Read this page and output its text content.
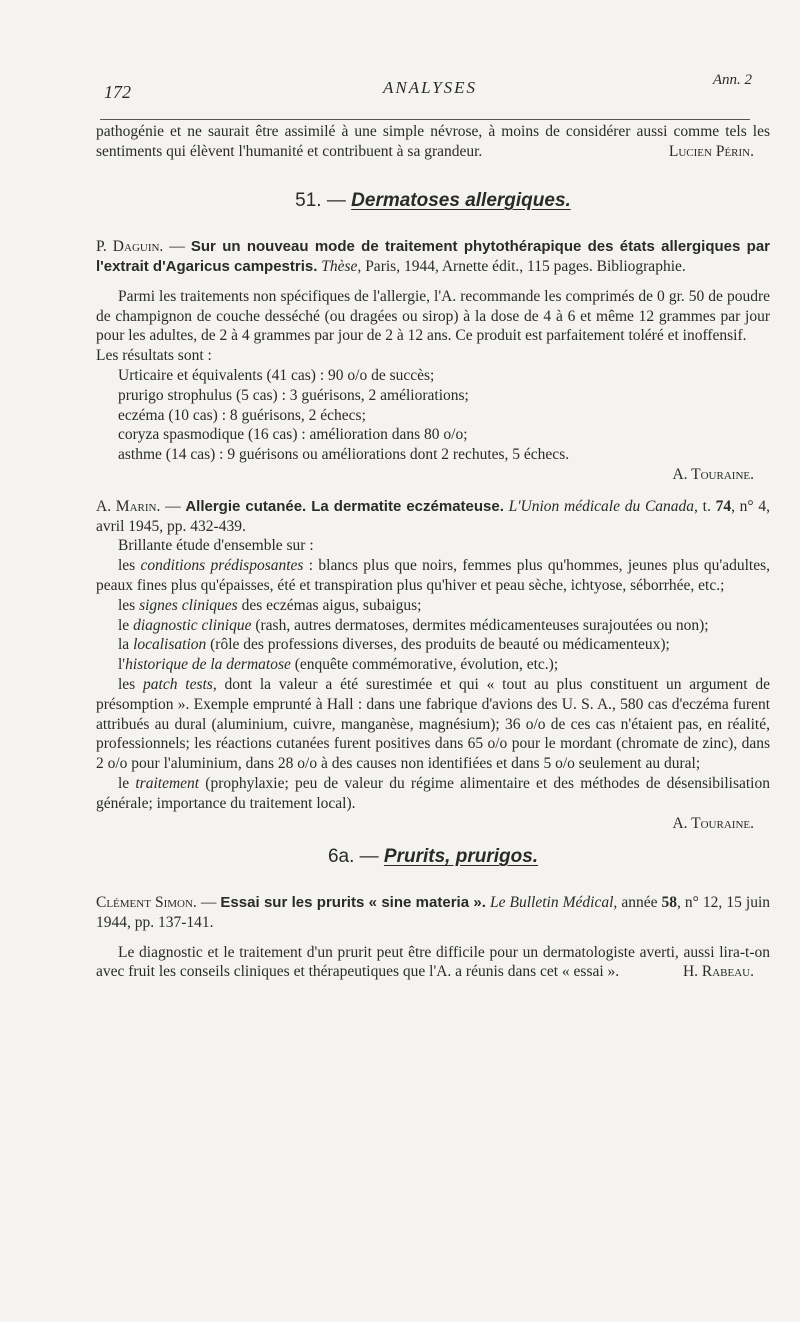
172	ANALYSES	Ann. 2

pathogénie et ne saurait être assimilé à une simple névrose, à moins de considérer aussi comme tels les sentiments qui élèvent l'humanité et contribuent à sa grandeur.	Lucien Périn.

51. — Dermatoses allergiques.

P. Daguin. — Sur un nouveau mode de traitement phytothérapique des états allergiques par l'extrait d'Agaricus campestris. Thèse, Paris, 1944, Arnette édit., 115 pages. Bibliographie.

Parmi les traitements non spécifiques de l'allergie, l'A. recommande les comprimés de 0 gr. 50 de poudre de champignon de couche desséché (ou dragées ou sirop) à la dose de 4 à 6 et même 12 grammes par jour pour les adultes, de 2 à 4 grammes par jour de 2 à 12 ans. Ce produit est parfaitement toléré et inoffensif.

Les résultats sont :

Urticaire et équivalents (41 cas) : 90 o/o de succès;

prurigo strophulus (5 cas) : 3 guérisons, 2 améliorations;

eczéma (10 cas) : 8 guérisons, 2 échecs;

coryza spasmodique (16 cas) : amélioration dans 80 o/o;

asthme (14 cas) : 9 guérisons ou améliorations dont 2 rechutes, 5 échecs.

A. Touraine.

A. Marin. — Allergie cutanée. La dermatite eczémateuse. L'Union médicale du Canada, t. 74, n° 4, avril 1945, pp. 432-439.

Brillante étude d'ensemble sur :

les conditions prédisposantes : blancs plus que noirs, femmes plus qu'hommes, jeunes plus qu'adultes, peaux fines plus qu'épaisses, été et transpiration plus qu'hiver et peau sèche, ichtyose, séborrhée, etc.;

les signes cliniques des eczémas aigus, subaigus;

le diagnostic clinique (rash, autres dermatoses, dermites médicamenteuses surajoutées ou non);

la localisation (rôle des professions diverses, des produits de beauté ou médicamenteux);

l'historique de la dermatose (enquête commémorative, évolution, etc.);

les patch tests, dont la valeur a été surestimée et qui « tout au plus constituent un argument de présomption ». Exemple emprunté à Hall : dans une fabrique d'avions des U. S. A., 580 cas d'eczéma furent attribués au dural (aluminium, cuivre, manganèse, magnésium); 36 o/o de ces cas n'étaient pas, en réalité, professionnels; les réactions cutanées furent positives dans 65 o/o pour le mordant (chromate de zinc), dans 2 o/o pour l'aluminium, dans 28 o/o à des causes non identifiées et dans 5 o/o seulement au dural;

le traitement (prophylaxie; peu de valeur du régime alimentaire et des méthodes de désensibilisation générale; importance du traitement local).

A. Touraine.

6a. — Prurits, prurigos.

Clément Simon. — Essai sur les prurits « sine materia ». Le Bulletin Médical, année 58, n° 12, 15 juin 1944, pp. 137-141.

Le diagnostic et le traitement d'un prurit peut être difficile pour un dermatologiste averti, aussi lira-t-on avec fruit les conseils cliniques et thérapeutiques que l'A. a réunis dans cet « essai ».	H. Rabeau.
